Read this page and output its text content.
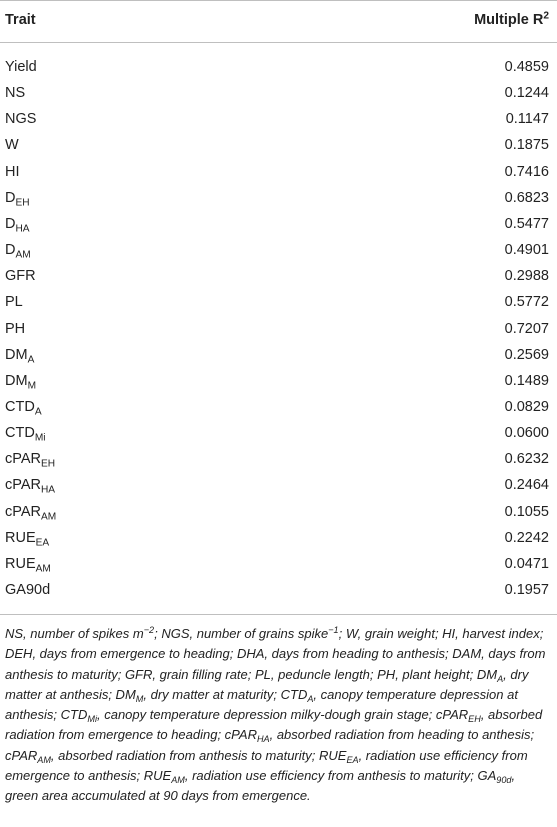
Trait	Multiple $R^2$
Yield	0.4859
NS	0.1244
NGS	0.1147
W	0.1875
HI	0.7416
$D_{EH}$	0.6823
$D_{HA}$	0.5477
$D_{AM}$	0.4901
GFR	0.2988
PL	0.5772
PH	0.7207
$DM_A$	0.2569
$DM_M$	0.1489
$CTD_A$	0.0829
$CTD_{Mi}$	0.0600
cPAR$_{EH}$	0.6232
cPAR$_{HA}$	0.2464
cPAR$_{AM}$	0.1055
$RUE_{EA}$	0.2242
$RUE_{AM}$	0.0471
GA90d	0.1957
NS, number of spikes $m^{-2}$; NGS, number of grains spike$^{-1}$; W, grain weight; HI, harvest index; DEH, days from emergence to heading; DHA, days from heading to anthesis; DAM, days from anthesis to maturity; GFR, grain filling rate; PL, peduncle length; PH, plant height; $DM_A$, dry matter at anthesis; $DM_M$, dry matter at maturity; $CTD_A$, canopy temperature depression at anthesis; $CTD_{Mi}$, canopy temperature depression milky-dough grain stage; cPAR$_{EH}$, absorbed radiation from emergence to heading; cPAR$_{HA}$, absorbed radiation from heading to anthesis; cPAR$_{AM}$, absorbed radiation from anthesis to maturity; $RUE_{EA}$, radiation use efficiency from emergence to anthesis; $RUE_{AM}$, radiation use efficiency from anthesis to maturity; $GA_{90d}$, green area accumulated at 90 days from emergence.
